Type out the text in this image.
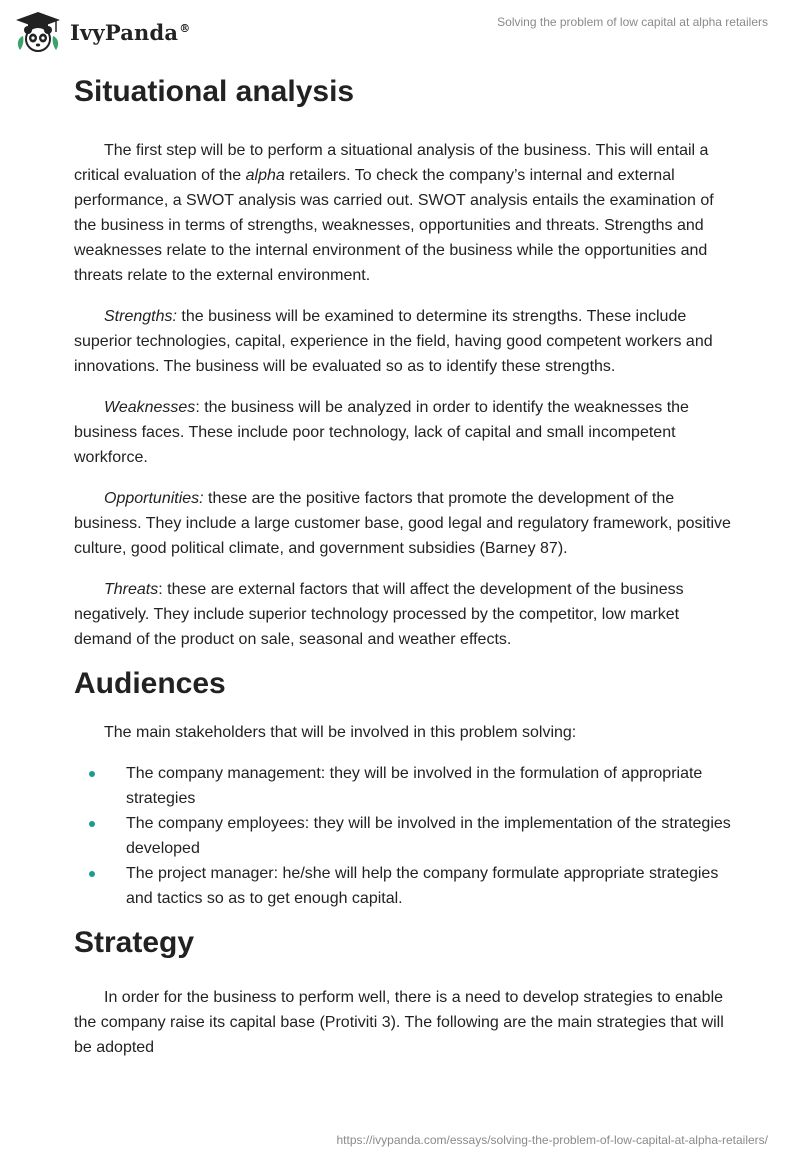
IvyPanda®	Solving the problem of low capital at alpha retailers
Situational analysis

The first step will be to perform a situational analysis of the business. This will entail a critical evaluation of the alpha retailers. To check the company’s internal and external performance, a SWOT analysis was carried out. SWOT analysis entails the examination of the business in terms of strengths, weaknesses, opportunities and threats. Strengths and weaknesses relate to the internal environment of the business while the opportunities and threats relate to the external environment.

Strengths: the business will be examined to determine its strengths. These include superior technologies, capital, experience in the field, having good competent workers and innovations. The business will be evaluated so as to identify these strengths.

Weaknesses: the business will be analyzed in order to identify the weaknesses the business faces. These include poor technology, lack of capital and small incompetent workforce.

Opportunities: these are the positive factors that promote the development of the business. They include a large customer base, good legal and regulatory framework, positive culture, good political climate, and government subsidies (Barney 87).

Threats: these are external factors that will affect the development of the business negatively. They include superior technology processed by the competitor, low market demand of the product on sale, seasonal and weather effects.

Audiences

The main stakeholders that will be involved in this problem solving:

The company management: they will be involved in the formulation of appropriate strategies
The company employees: they will be involved in the implementation of the strategies developed
The project manager: he/she will help the company formulate appropriate strategies and tactics so as to get enough capital.
Strategy

In order for the business to perform well, there is a need to develop strategies to enable the company raise its capital base (Protiviti 3). The following are the main strategies that will be adopted

https://ivypanda.com/essays/solving-the-problem-of-low-capital-at-alpha-retailers/
